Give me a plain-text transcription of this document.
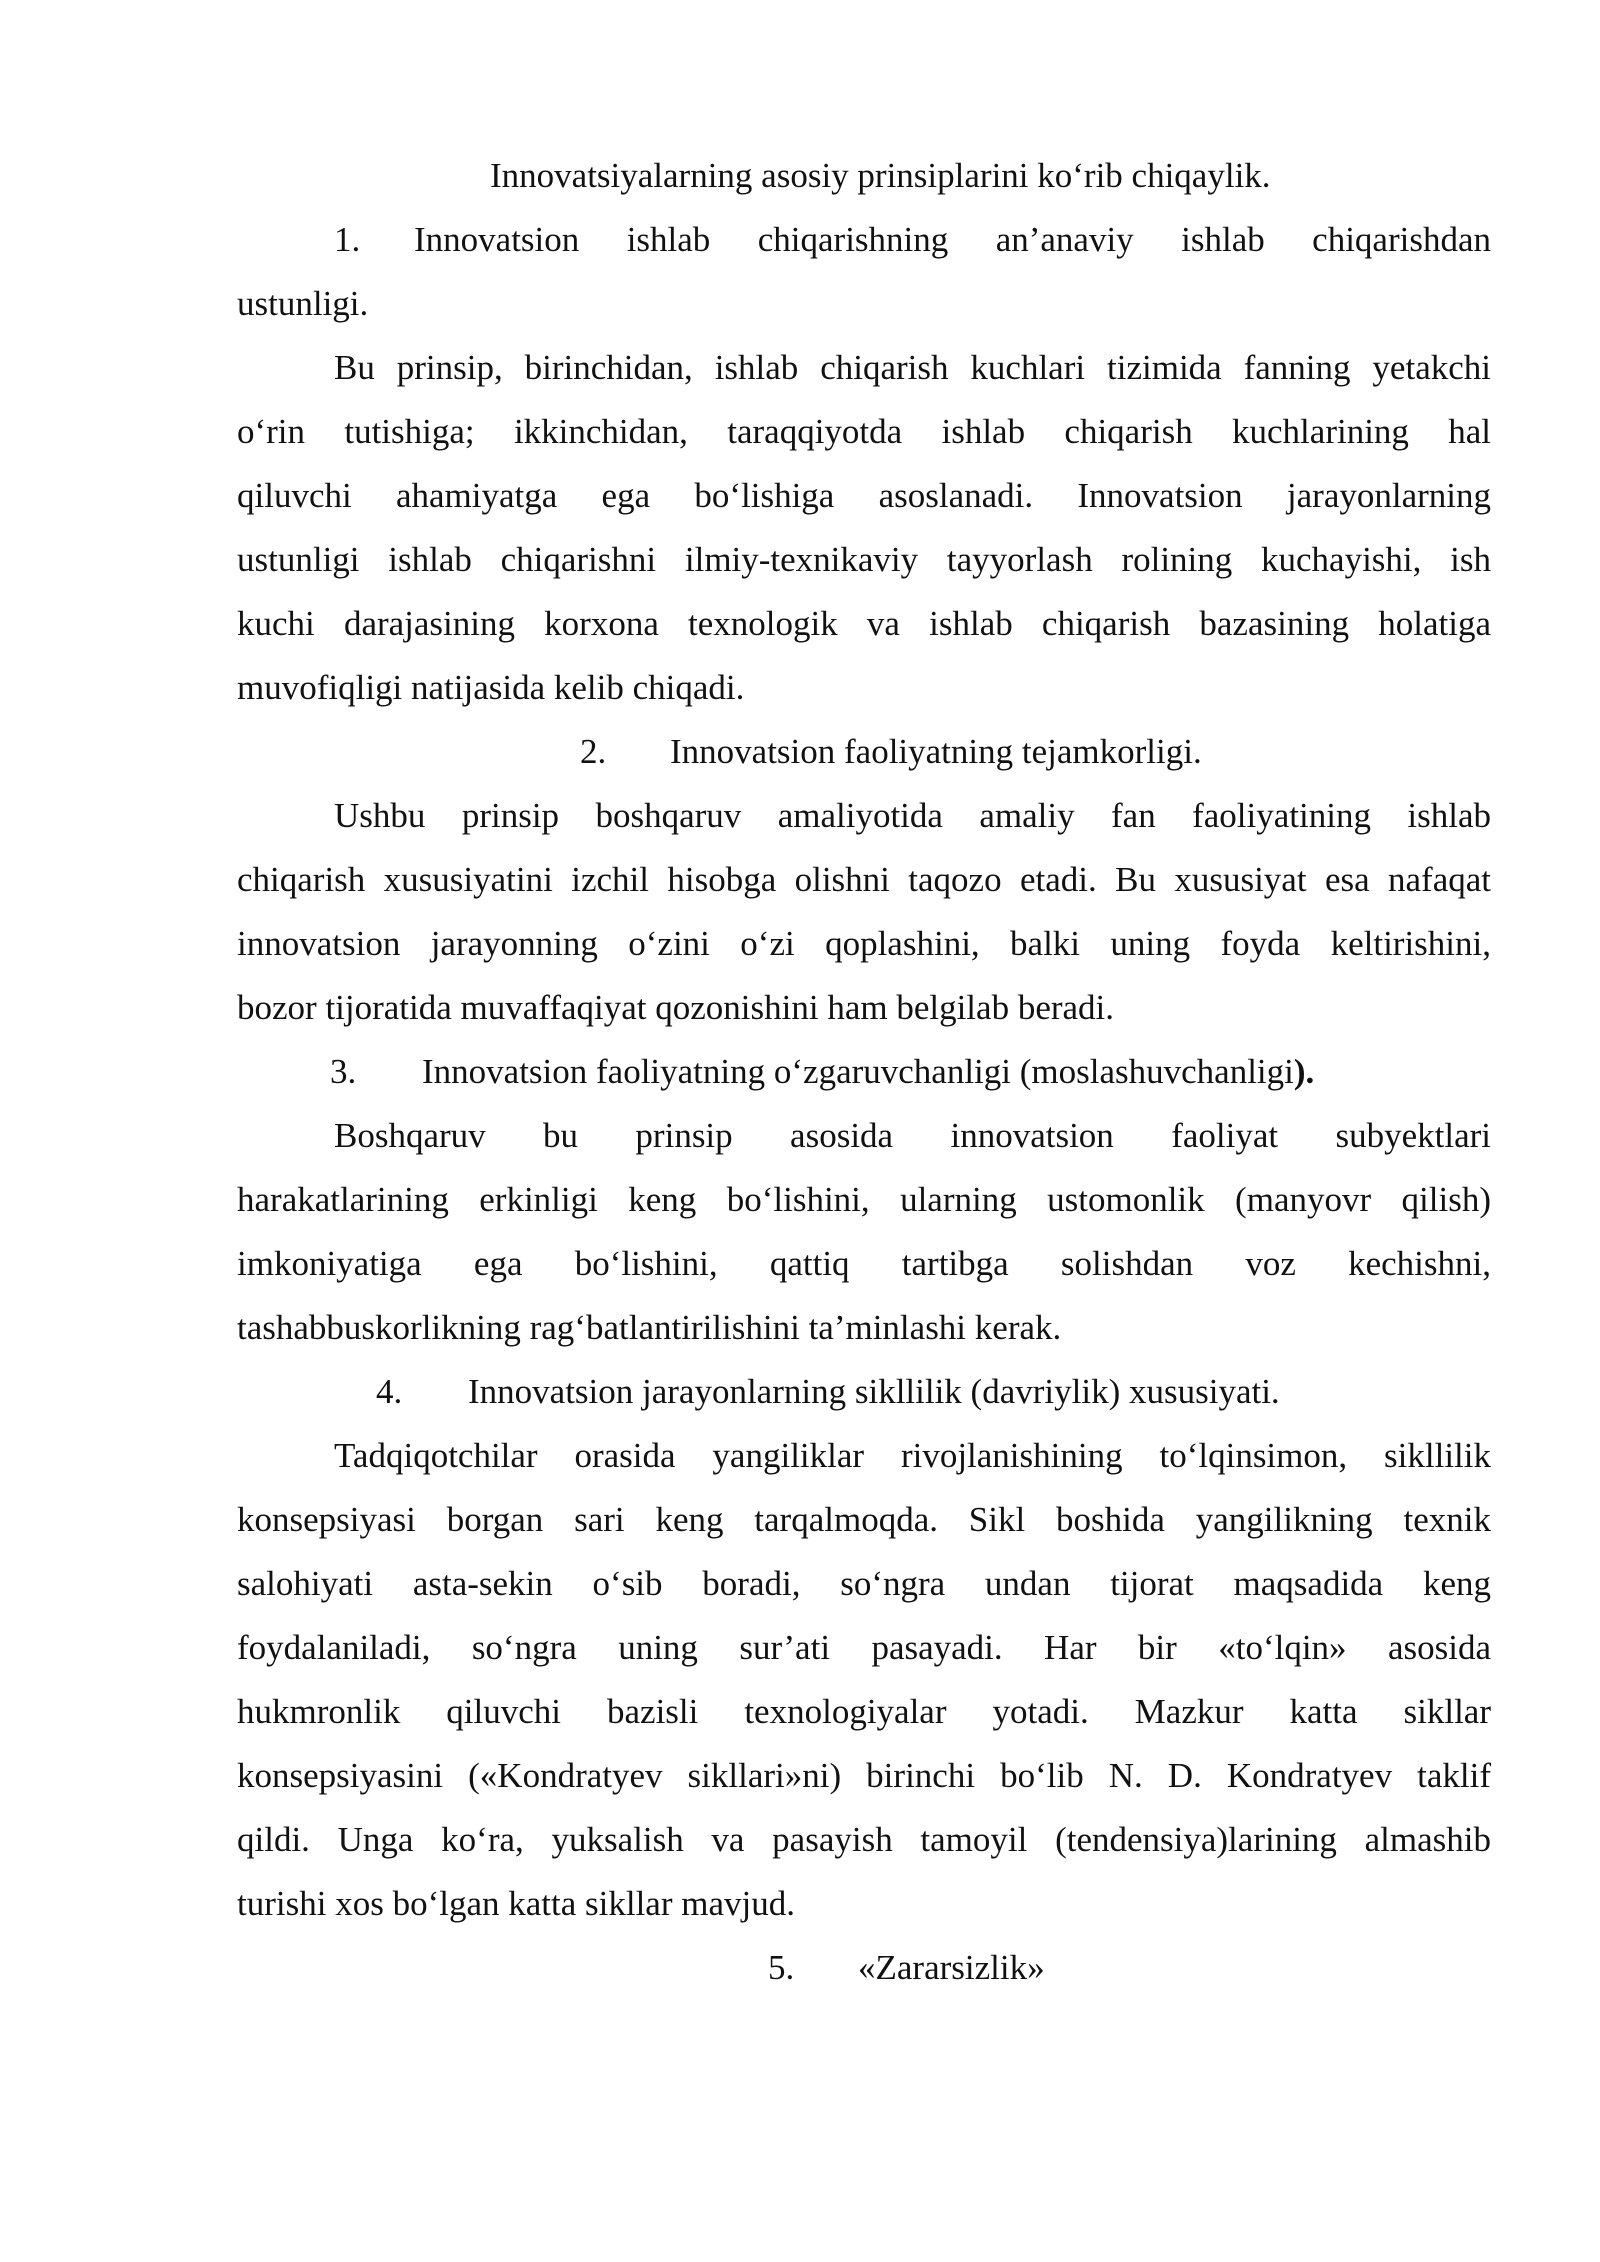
Innovatsiyalarning asosiy prinsiplarini ko‘rib chiqaylik.
1. Innovatsion ishlab chiqarishning an’anaviy ishlab chiqarishdan
ustunligi.
Bu prinsip, birinchidan, ishlab chiqarish kuchlari tizimida fanning yetakchi
o‘rin tutishiga; ikkinchidan, taraqqiyotda ishlab chiqarish kuchlarining hal
qiluvchi ahamiyatga ega bo‘lishiga asoslanadi. Innovatsion jarayonlarning
ustunligi ishlab chiqarishni ilmiy-texnikaviy tayyorlash rolining kuchayishi, ish
kuchi darajasining korxona texnologik va ishlab chiqarish bazasining holatiga
muvofiqligi natijasida kelib chiqadi.
2. Innovatsion faoliyatning tejamkorligi.
Ushbu prinsip boshqaruv amaliyotida amaliy fan faoliyatining ishlab
chiqarish xususiyatini izchil hisobga olishni taqozo etadi. Bu xususiyat esa nafaqat
innovatsion jarayonning o‘zini o‘zi qoplashini, balki uning foyda keltirishini,
bozor tijoratida muvaffaqiyat qozonishini ham belgilab beradi.
3. Innovatsion faoliyatning o‘zgaruvchanligi (moslashuvchanligi).
Boshqaruv bu prinsip asosida innovatsion faoliyat subyektlari
harakatlarining erkinligi keng bo‘lishini, ularning ustomonlik (manyovr qilish)
imkoniyatiga ega bo‘lishini, qattiq tartibga solishdan voz kechishni,
tashabbuskorlikning rag‘batlantirilishini ta’minlashi kerak.
4. Innovatsion jarayonlarning sikllilik (davriylik) xususiyati.
Tadqiqotchilar orasida yangiliklar rivojlanishining to‘lqinsimon, sikllilik
konsepsiyasi borgan sari keng tarqalmoqda. Sikl boshida yangilikning texnik
salohiyati asta-sekin o‘sib boradi, so‘ngra undan tijorat maqsadida keng
foydalaniladi, so‘ngra uning sur’ati pasayadi. Har bir «to‘lqin» asosida
hukmronlik qiluvchi bazisli texnologiyalar yotadi. Mazkur katta sikllar
konsepsiyasini («Kondratyev sikllari»ni) birinchi bo‘lib N. D. Kondratyev taklif
qildi. Unga ko‘ra, yuksalish va pasayish tamoyil (tendensiya)larining almashib
turishi xos bo‘lgan katta sikllar mavjud.
5. «Zararsizlik»
